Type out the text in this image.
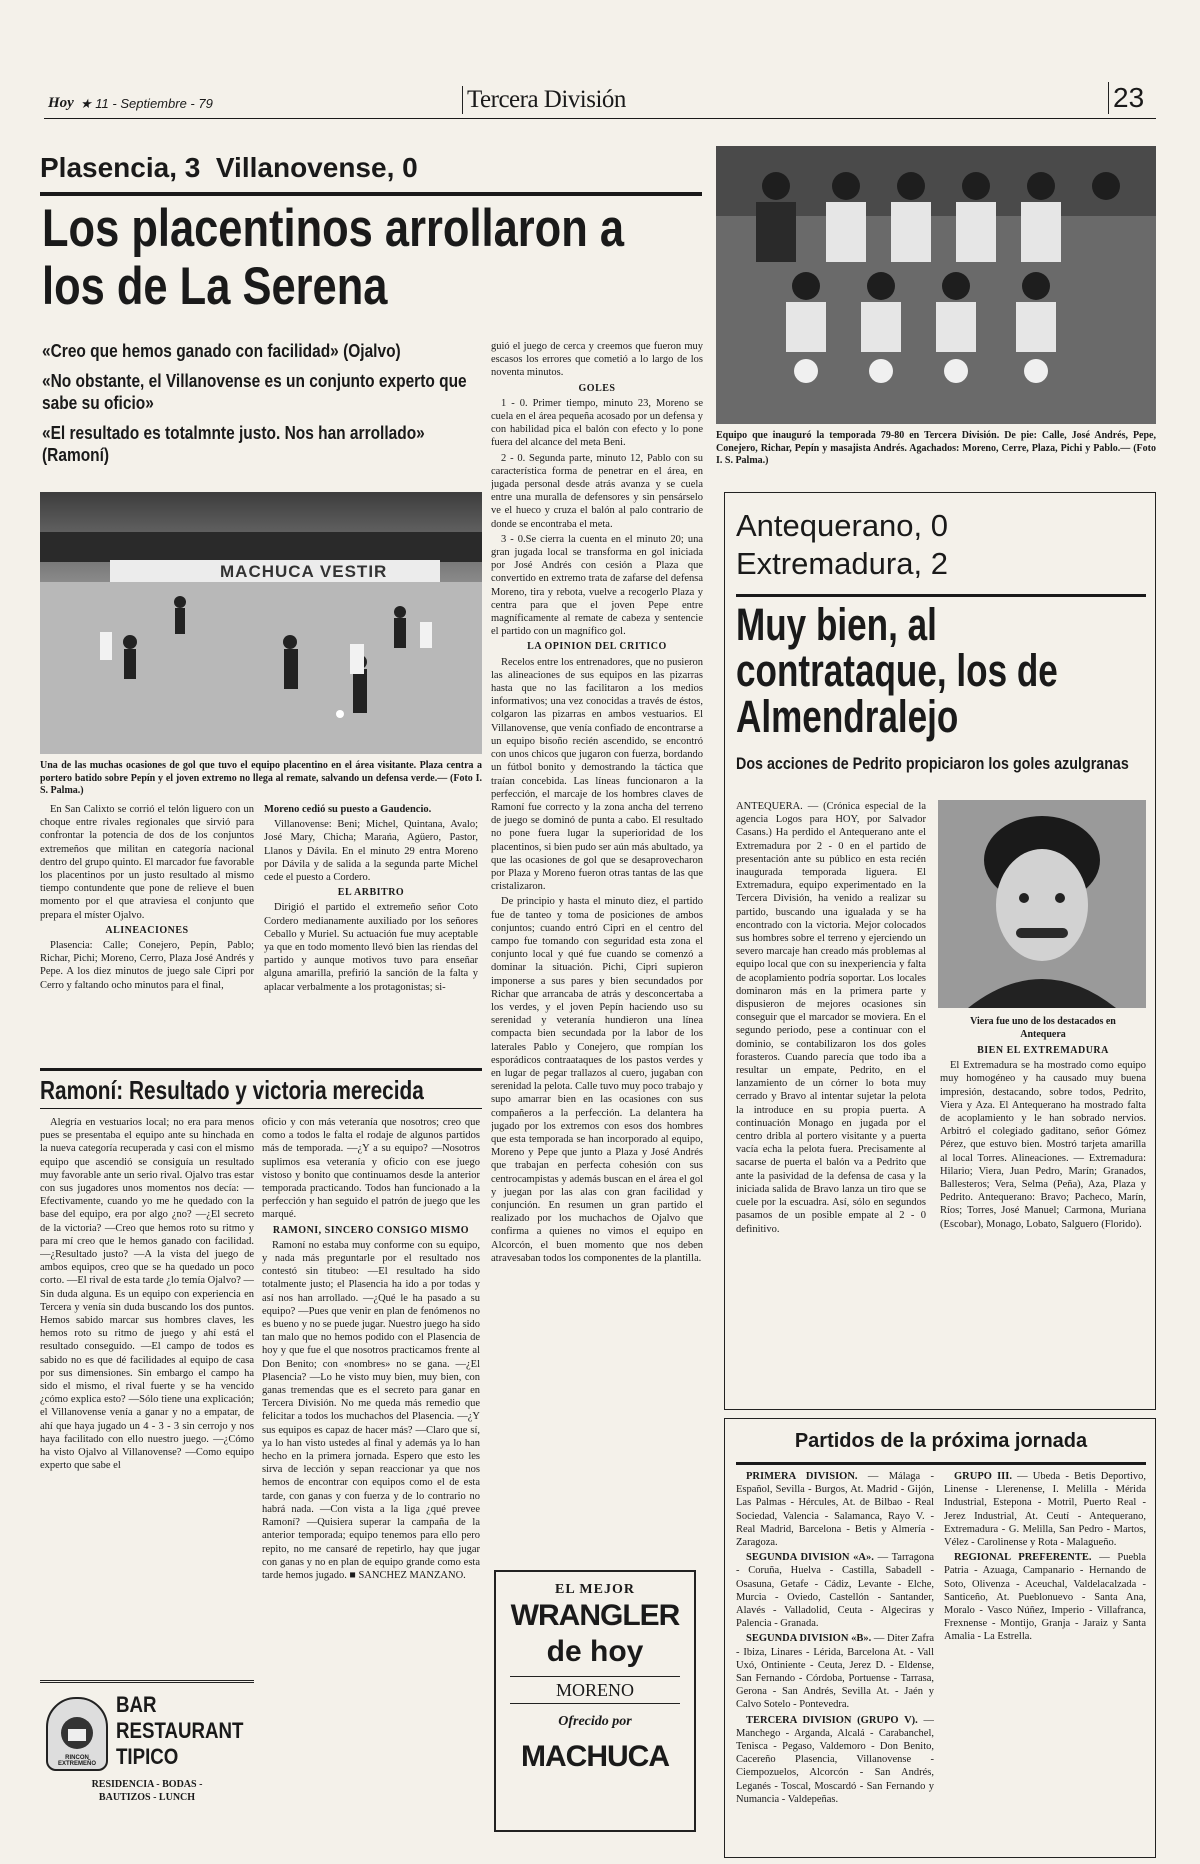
Hoy ★ 11 - Septiembre - 79	Tercera División	23
Plasencia, 3  Villanovense, 0
Los placentinos arrollaron a
los de La Serena
«Creo que hemos ganado con facilidad» (Ojalvo)
«No obstante, el Villanovense es un conjunto experto que sabe su oficio»
«El resultado es totalmnte justo. Nos han arrollado» (Ramoní)
MACHUCA VESTIR
Una de las muchas ocasiones de gol que tuvo el equipo placentino en el área visitante. Plaza centra a portero batido sobre Pepín y el joven extremo no llega al remate, salvando un defensa verde.— (Foto I. S. Palma.)

En San Calixto se corrió el telón liguero con un choque entre rivales regionales que sirvió para confrontar la potencia de dos de los conjuntos extremeños que militan en categoría nacional dentro del grupo quinto. El marcador fue favorable los placentinos por un justo resultado al mismo tiempo contundente que pone de relieve el buen momento por el que atraviesa el conjunto que prepara el míster Ojalvo.

ALINEACIONES

Plasencia: Calle; Conejero, Pepín, Pablo; Richar, Pichi; Moreno, Cerro, Plaza José Andrés y Pepe. A los diez minutos de juego sale Cipri por Cerro y faltando ocho minutos para el final,

Moreno cedió su puesto a Gaudencio.

Villanovense: Beni; Michel, Quintana, Avalo; José Mary, Chicha; Marańa, Agüero, Pastor, Llanos y Dávila. En el minuto 29 entra Moreno por Dávila y de salida a la segunda parte Michel cede el puesto a Cordero.

EL ARBITRO

Dirigió el partido el extremeño señor Coto Cordero medianamente auxiliado por los señores Ceballo y Muriel. Su actuación fue muy aceptable ya que en todo momento llevó bien las riendas del partido y aunque motivos tuvo para enseñar alguna amarilla, prefirió la sanción de la falta y aplacar verbalmente a los protagonistas; si-

guió el juego de cerca y creemos que fueron muy escasos los errores que cometió a lo largo de los noventa minutos.

GOLES

1 - 0. Primer tiempo, minuto 23, Moreno se cuela en el área pequeña acosado por un defensa y con habilidad pica el balón con efecto y lo pone fuera del alcance del meta Beni.

2 - 0. Segunda parte, minuto 12, Pablo con su característica forma de penetrar en el área, en jugada personal desde atrás avanza y se cuela entre una muralla de defensores y sin pensárselo ve el hueco y cruza el balón al palo contrario de donde se encontraba el meta.

3 - 0.Se cierra la cuenta en el minuto 20; una gran jugada local se transforma en gol iniciada por José Andrés con cesión a Plaza que convertido en extremo trata de zafarse del defensa Moreno, tira y rebota, vuelve a recogerlo Plaza y centra para que el joven Pepe entre magníficamente al remate de cabeza y sentencie el partido con un magnífico gol.

LA OPINION DEL CRITICO

Recelos entre los entrenadores, que no pusieron las alineaciones de sus equipos en las pizarras hasta que no las facilitaron a los medios informativos; una vez conocidas a través de éstos, colgaron las pizarras en ambos vestuarios. El Villanovense, que venía confiado de encontrarse a un equipo bisoño recién ascendido, se encontró con unos chicos que jugaron con fuerza, bordando un fútbol bonito y demostrando la táctica que traían concebida. Las líneas funcionaron a la perfección, el marcaje de los hombres claves de Ramoní fue correcto y la zona ancha del terreno de juego se dominó de punta a cabo. El resultado no pone fuera lugar la superioridad de los placentinos, si bien pudo ser aún más abultado, ya que las ocasiones de gol que se desaprovecharon por Plaza y Moreno fueron otras tantas de las que cristalizaron.

De principio y hasta el minuto diez, el partido fue de tanteo y toma de posiciones de ambos conjuntos; cuando entró Cipri en el centro del campo fue tomando con seguridad esta zona el conjunto local y qué fue cuando se comenzó a dominar la situación. Pichi, Cipri supieron imponerse a sus pares y bien secundados por Richar que arrancaba de atrás y desconcertaba a los verdes, y el joven Pepín haciendo uso su serenidad y veteranía hundieron una línea compacta bien secundada por la labor de los laterales Pablo y Conejero, que rompían los esporádicos contraataques de los pastos verdes y en lugar de pegar trallazos al cuero, jugaban con serenidad la pelota. Calle tuvo muy poco trabajo y supo amarrar bien en las ocasiones con sus compañeros a la perfección. La delantera ha jugado por los extremos con esos dos hombres que esta temporada se han incorporado al equipo, Moreno y Pepe que junto a Plaza y José Andrés que trabajan en perfecta cohesión con sus centrocampistas y además buscan en el área el gol y juegan por las alas con gran facilidad y conjunción. En resumen un gran partido el realizado por los muchachos de Ojalvo que confirma a quienes no vimos el equipo en Alcorcón, el buen momento que nos deben atravesaban todos los componentes de la plantilla.

Ramoní: Resultado y victoria merecida

Alegría en vestuarios local; no era para menos pues se presentaba el equipo ante su hinchada en la nueva categoría recuperada y casi con el mismo equipo que ascendió se consiguía un resultado muy favorable ante un serio rival. Ojalvo tras estar con sus jugadores unos momentos nos decía: —Efectivamente, cuando yo me he quedado con la base del equipo, era por algo ¿no? —¿El secreto de la victoria? —Creo que hemos roto su ritmo y para mí creo que le hemos ganado con facilidad. —¿Resultado justo? —A la vista del juego de ambos equipos, creo que se ha quedado un poco corto. —El rival de esta tarde ¿lo temía Ojalvo? —Sin duda alguna. Es un equipo con experiencia en Tercera y venía sin duda buscando los dos puntos. Hemos sabido marcar sus hombres claves, les hemos roto su ritmo de juego y ahí está el resultado conseguido. —El campo de todos es sabido no es que dé facilidades al equipo de casa por sus dimensiones. Sin embargo el campo ha sido el mismo, el rival fuerte y se ha vencido ¿cómo explica esto? —Sólo tiene una explicación; el Villanovense venía a ganar y no a empatar, de ahí que haya jugado un 4 - 3 - 3 sin cerrojo y nos haya facilitado con ello nuestro juego. —¿Cómo ha visto Ojalvo al Villanovense? —Como equipo experto que sabe el

oficio y con más veteranía que nosotros; creo que como a todos le falta el rodaje de algunos partidos más de temporada. —¿Y a su equipo? —Nosotros suplimos esa veteranía y oficio con ese juego vistoso y bonito que continuamos desde la anterior temporada practicando. Todos han funcionado a la perfección y han seguido el patrón de juego que les marqué.

RAMONI, SINCERO CONSIGO MISMO

Ramoní no estaba muy conforme con su equipo, y nada más preguntarle por el resultado nos contestó sin titubeo: —El resultado ha sido totalmente justo; el Plasencia ha ido a por todas y así nos han arrollado. —¿Qué le ha pasado a su equipo? —Pues que venir en plan de fenómenos no es bueno y no se puede jugar. Nuestro juego ha sido tan malo que no hemos podido con el Plasencia de hoy y que fue el que nosotros practicamos frente al Don Benito; con «nombres» no se gana. —¿El Plasencia? —Lo he visto muy bien, muy bien, con ganas tremendas que es el secreto para ganar en Tercera División. No me queda más remedio que felicitar a todos los muchachos del Plasencia. —¿Y sus equipos es capaz de hacer más? —Claro que sí, ya lo han visto ustedes al final y además ya lo han hecho en la primera jornada. Espero que esto les sirva de lección y sepan reaccionar ya que nos hemos de encontrar con equipos como el de esta tarde, con ganas y con fuerza y de lo contrario no habrá nada. —Con vista a la liga ¿qué prevee Ramoní? —Quisiera superar la campaña de la anterior temporada; equipo tenemos para ello pero repito, no me cansaré de repetirlo, hay que jugar con ganas y no en plan de equipo grande como esta tarde hemos jugado. ■ SANCHEZ MANZANO.

RINCON EXTREMEÑO
BAR
RESTAURANT
TIPICO
RESIDENCIA - BODAS -
BAUTIZOS - LUNCH
EL MEJOR
WRANGLER
de hoy
MORENO
Ofrecido por
MACHUCA
Equipo que inauguró la temporada 79-80 en Tercera División. De pie: Calle, José Andrés, Pepe, Conejero, Richar, Pepín y masajista Andrés. Agachados: Moreno, Cerre, Plaza, Pichi y Pablo.— (Foto I. S. Palma.)
Antequerano, 0
Extremadura, 2
Muy bien, al
contrataque, los de
Almendralejo
Dos acciones de Pedrito propiciaron los goles azulgranas

ANTEQUERA. — (Crónica especial de la agencia Logos para HOY, por Salvador Casans.) Ha perdido el Antequerano ante el Extremadura por 2 - 0 en el partido de presentación ante su público en esta recién inaugurada temporada liguera. El Extremadura, equipo experimentado en la Tercera División, ha venido a realizar su partido, buscando una igualada y se ha encontrado con la victoria. Mejor colocados sus hombres sobre el terreno y ejerciendo un severo marcaje han creado más problemas al equipo local que con su inexperiencia y falta de acoplamiento podría soportar. Los locales dominaron más en la primera parte y dispusieron de mejores ocasiones sin conseguir que el marcador se moviera. En el segundo periodo, pese a continuar con el dominio, se contabilizaron los dos goles forasteros. Cuando parecía que todo iba a resultar un empate, Pedrito, en el lanzamiento de un córner lo bota muy cerrado y Bravo al intentar sujetar la pelota la introduce en su propia puerta. A continuación Monago en jugada por el centro dribla al portero visitante y a puerta vacía echa la pelota fuera. Precisamente al sacarse de puerta el balón va a Pedrito que ante la pasividad de la defensa de casa y la iniciada salida de Bravo lanza un tiro que se cuele por la escuadra. Así, sólo en segundos pasamos de un posible empate al 2 - 0 definitivo.

Viera fue uno de los destacados en Antequera

BIEN EL EXTREMADURA

El Extremadura se ha mostrado como equipo muy homogéneo y ha causado muy buena impresión, destacando, sobre todos, Pedrito, Viera y Aza. El Antequerano ha mostrado falta de acoplamiento y le han sobrado nervios. Arbitró el colegiado gaditano, señor Gómez Pérez, que estuvo bien. Mostró tarjeta amarilla al local Torres. Alineaciones. — Extremadura: Hilario; Viera, Juan Pedro, Marín; Granados, Ballesteros; Vera, Selma (Peña), Aza, Plaza y Pedrito. Antequerano: Bravo; Pacheco, Marín, Ríos; Torres, José Manuel; Carmona, Muriana (Escobar), Monago, Lobato, Salguero (Florido).

Partidos de la próxima jornada

PRIMERA DIVISION. — Málaga - Español, Sevilla - Burgos, At. Madrid - Gijón, Las Palmas - Hércules, At. de Bilbao - Real Sociedad, Valencia - Salamanca, Rayo V. - Real Madrid, Barcelona - Betis y Almería - Zaragoza.

SEGUNDA DIVISION «A». — Tarragona - Coruña, Huelva - Castilla, Sabadell - Osasuna, Getafe - Cádiz, Levante - Elche, Murcia - Oviedo, Castellón - Santander, Alavés - Valladolid, Ceuta - Algeciras y Palencia - Granada.

SEGUNDA DIVISION «B». — Diter Zafra - Ibiza, Linares - Lérida, Barcelona At. - Vall Uxó, Ontiniente - Ceuta, Jerez D. - Eldense, San Fernando - Córdoba, Portuense - Tarrasa, Gerona - San Andrés, Sevilla At. - Jaén y Calvo Sotelo - Pontevedra.

TERCERA DIVISION (GRUPO V). — Manchego - Arganda, Alcalá - Carabanchel, Tenisca - Pegaso, Valdemoro - Don Benito, Cacereño Plasencia, Villanovense - Ciempozuelos, Alcorcón - San Andrés, Leganés - Toscal, Moscardó - San Fernando y Numancia - Valdepeñas.

GRUPO III. — Ubeda - Betis Deportivo, Linense - Llerenense, I. Melilla - Mérida Industrial, Estepona - Motril, Puerto Real - Jerez Industrial, At. Ceutí - Antequerano, Extremadura - G. Melilla, San Pedro - Martos, Vélez - Carolinense y Rota - Malagueño.

REGIONAL PREFERENTE. — Puebla Patria - Azuaga, Campanario - Hernando de Soto, Olivenza - Aceuchal, Valdelacalzada - Santiceño, At. Pueblonuevo - Santa Ana, Moralo - Vasco Núñez, Imperio - Villafranca, Frexnense - Montijo, Granja - Jaraiz y Santa Amalia - La Estrella.
